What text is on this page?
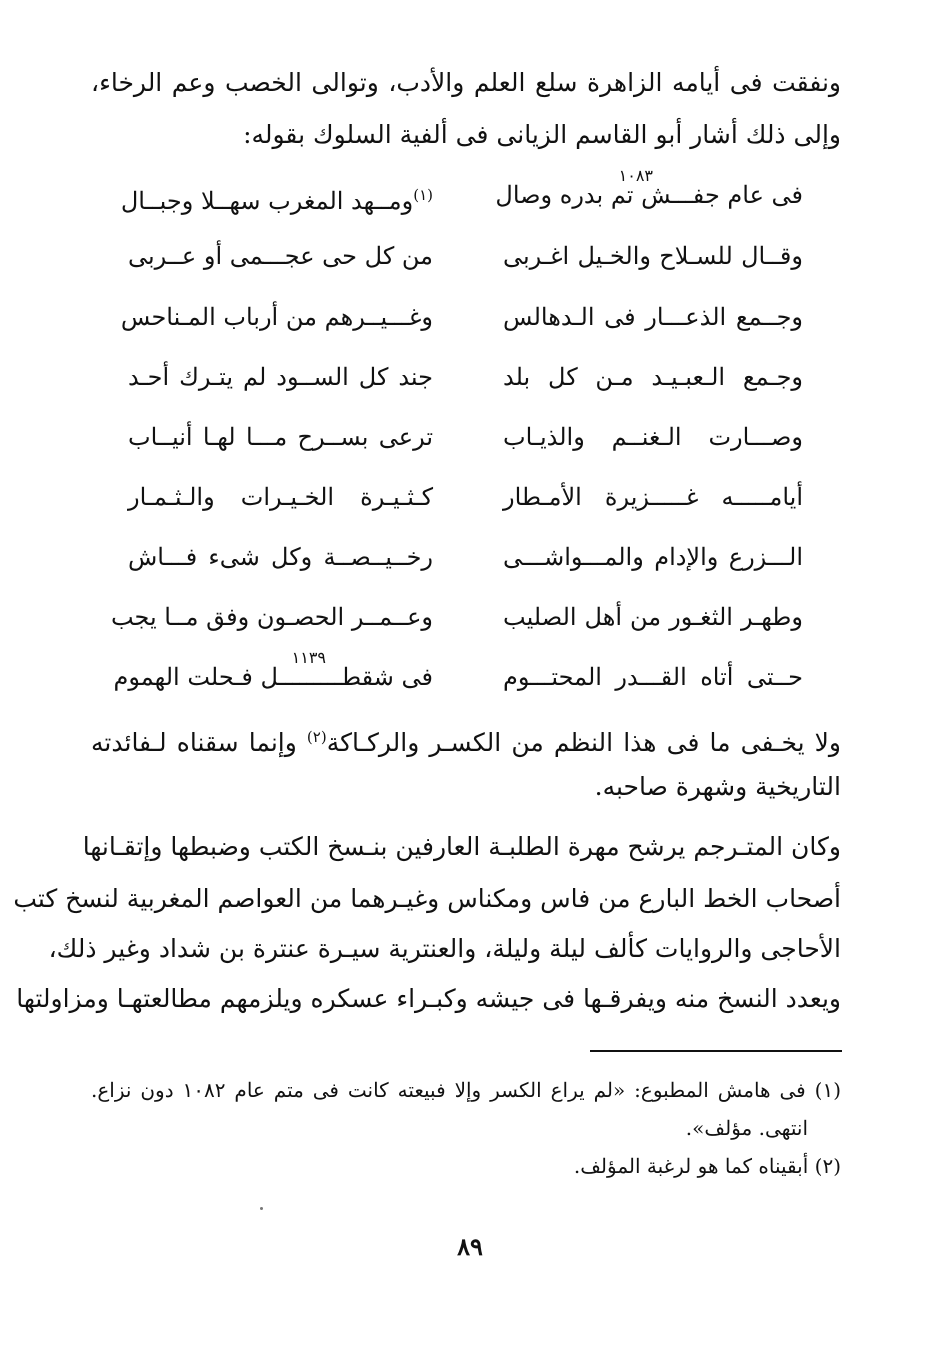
ونفقت فى أيامه الزاهرة سلع العلم والأدب، وتوالى الخصب وعم الرخاء،
وإلى ذلك أشار أبو القاسم الزيانى فى ألفية السلوك بقوله:
١٠٨٣
فى عام جفـــش تم بدره وصال
$^{(١)}$ومــهد المغرب سهــلا وجبــال
وقــال للسـلاح والخـيل اغـربى
من كل حى عجـــمى أو عــربى
وجــمع الذعـــار فى الـدهالس
وغـــيــرهم من أرباب المـناحس
وجـمع الـعبـيـد مـن كل بلد
جند كل الســود لم يتـرك أحـد
وصـــارت الـغنــم والذيـاب
ترعى بســرح مـــا لهـا أنيــاب
أيامـــــه غـــــزيرة الأمـطار
كـثـيـرة الخـيـرات والـثـمـار
الـــزرع والإدام والمـــواشـــى
رخــيــصــة وكل شىء فـــاش
وطهـر الثغـور من أهل الصليب
وعــمــر الحصـون وفق مــا يجب
١١٣٩
حــتى أتاه القـــدر المحتـــوم
فى شقطـــــــــل فـحلت الهموم
ولا يخـفى ما فى هذا النظم من الكسـر والركـاكة$^{(٢)}$ وإنما سقناه لـفائدته
التاريخية وشهرة صاحبه.
وكان المتـرجم يرشح مهرة الطلبـة العارفين بنـسخ الكتب وضبطها وإتقـانها
أصحاب الخط البارع من فاس ومكناس وغيـرهما من العواصم المغربية لنسخ كتب
الأحاجى والروايات كألف ليلة وليلة، والعنترية سيـرة عنترة بن شداد وغير ذلك،
ويعدد النسخ منه ويفرقـها فى جيشه وكبـراء عسكره ويلزمهم مطالعتهـا ومزاولتها
(١) فى هامش المطبوع: «لم يراع الكسر وإلا فبيعته كانت فى متم عام ١٠٨٢ دون نزاع.
انتهى. مؤلف».
(٢) أبقيناه كما هو لرغبة المؤلف.
٨٩
